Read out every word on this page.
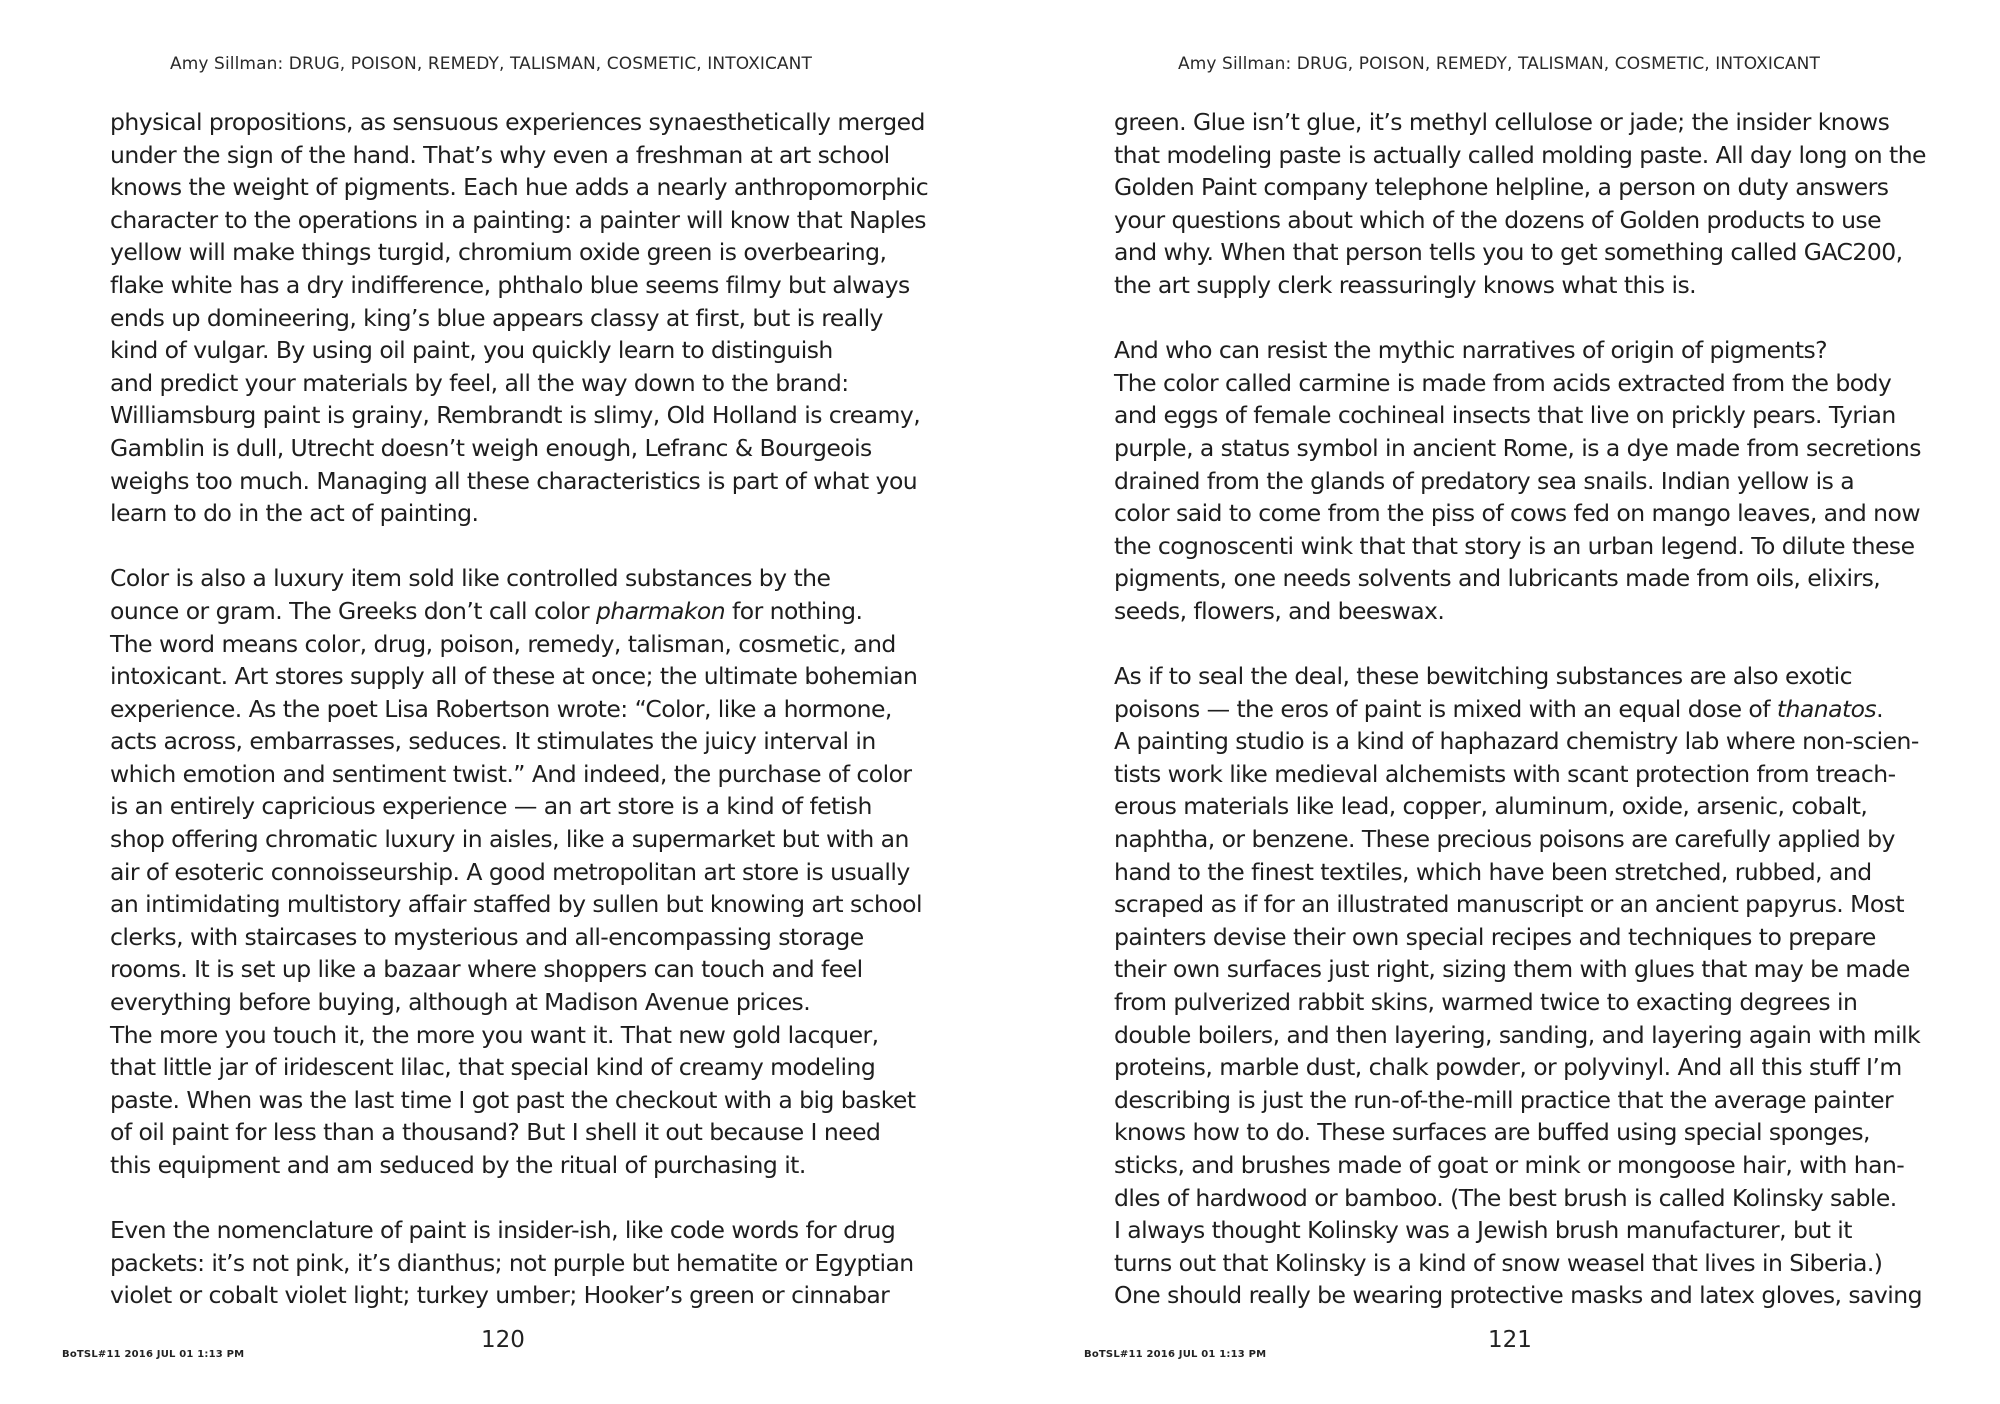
Amy Sillman: DRUG, POISON, REMEDY, TALISMAN, COSMETIC, INTOXICANT
physical propositions, as sensuous experiences synaesthetically merged
under the sign of the hand. That’s why even a freshman at art school
knows the weight of pigments. Each hue adds a nearly anthropomorphic
character to the operations in a painting: a painter will know that Naples
yellow will make things turgid, chromium oxide green is overbearing,
flake white has a dry indifference, phthalo blue seems filmy but always
ends up domineering, king’s blue appears classy at first, but is really
kind of vulgar. By using oil paint, you quickly learn to distinguish
and predict your materials by feel, all the way down to the brand:
Williamsburg paint is grainy, Rembrandt is slimy, Old Holland is creamy,
Gamblin is dull, Utrecht doesn’t weigh enough, Lefranc & Bourgeois
weighs too much. Managing all these characteristics is part of what you
learn to do in the act of painting.
Color is also a luxury item sold like controlled substances by the
ounce or gram. The Greeks don’t call color pharmakon for nothing.
The word means color, drug, poison, remedy, talisman, cosmetic, and
intoxicant. Art stores supply all of these at once; the ultimate bohemian
experience. As the poet Lisa Robertson wrote: “Color, like a hormone,
acts across, embarrasses, seduces. It stimulates the juicy interval in
which emotion and sentiment twist.” And indeed, the purchase of color
is an entirely capricious experience — an art store is a kind of fetish
shop offering chromatic luxury in aisles, like a supermarket but with an
air of esoteric connoisseurship. A good metropolitan art store is usually
an intimidating multistory affair staffed by sullen but knowing art school
clerks, with staircases to mysterious and all-encompassing storage
rooms. It is set up like a bazaar where shoppers can touch and feel
everything before buying, although at Madison Avenue prices.
The more you touch it, the more you want it. That new gold lacquer,
that little jar of iridescent lilac, that special kind of creamy modeling
paste. When was the last time I got past the checkout with a big basket
of oil paint for less than a thousand? But I shell it out because I need
this equipment and am seduced by the ritual of purchasing it.
Even the nomenclature of paint is insider-ish, like code words for drug
packets: it’s not pink, it’s dianthus; not purple but hematite or Egyptian
violet or cobalt violet light; turkey umber; Hooker’s green or cinnabar
120
BoTSL#11 2016 JUL 01 1:13 PM
Amy Sillman: DRUG, POISON, REMEDY, TALISMAN, COSMETIC, INTOXICANT
green. Glue isn’t glue, it’s methyl cellulose or jade; the insider knows
that modeling paste is actually called molding paste. All day long on the
Golden Paint company telephone helpline, a person on duty answers
your questions about which of the dozens of Golden products to use
and why. When that person tells you to get something called GAC200,
the art supply clerk reassuringly knows what this is.
And who can resist the mythic narratives of origin of pigments?
The color called carmine is made from acids extracted from the body
and eggs of female cochineal insects that live on prickly pears. Tyrian
purple, a status symbol in ancient Rome, is a dye made from secretions
drained from the glands of predatory sea snails. Indian yellow is a
color said to come from the piss of cows fed on mango leaves, and now
the cognoscenti wink that that story is an urban legend. To dilute these
pigments, one needs solvents and lubricants made from oils, elixirs,
seeds, flowers, and beeswax.
As if to seal the deal, these bewitching substances are also exotic
poisons — the eros of paint is mixed with an equal dose of thanatos.
A painting studio is a kind of haphazard chemistry lab where non-scien-
tists work like medieval alchemists with scant protection from treach-
erous materials like lead, copper, aluminum, oxide, arsenic, cobalt,
naphtha, or benzene. These precious poisons are carefully applied by
hand to the finest textiles, which have been stretched, rubbed, and
scraped as if for an illustrated manuscript or an ancient papyrus. Most
painters devise their own special recipes and techniques to prepare
their own surfaces just right, sizing them with glues that may be made
from pulverized rabbit skins, warmed twice to exacting degrees in
double boilers, and then layering, sanding, and layering again with milk
proteins, marble dust, chalk powder, or polyvinyl. And all this stuff I’m
describing is just the run-of-the-mill practice that the average painter
knows how to do. These surfaces are buffed using special sponges,
sticks, and brushes made of goat or mink or mongoose hair, with han-
dles of hardwood or bamboo. (The best brush is called Kolinsky sable.
I always thought Kolinsky was a Jewish brush manufacturer, but it
turns out that Kolinsky is a kind of snow weasel that lives in Siberia.)
One should really be wearing protective masks and latex gloves, saving
121
BoTSL#11 2016 JUL 01 1:13 PM
